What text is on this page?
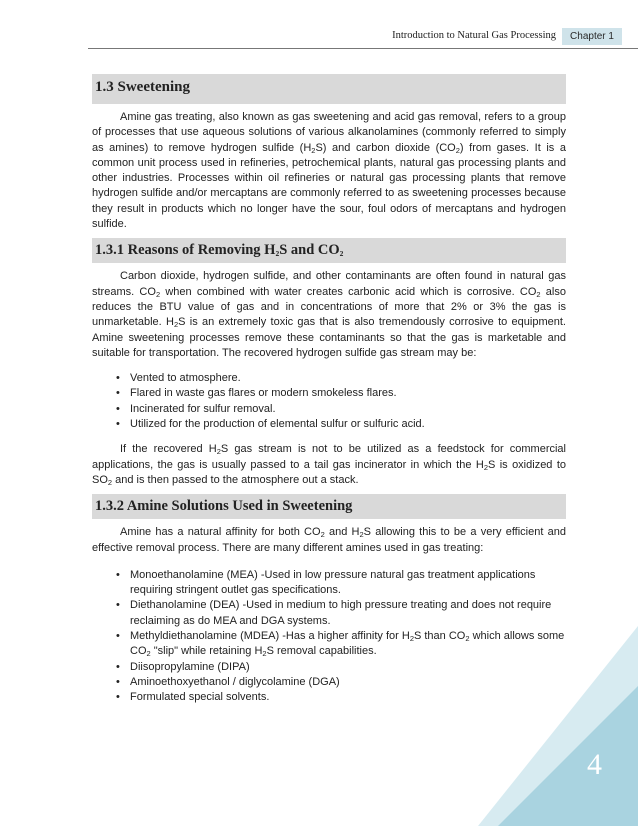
Introduction to Natural Gas Processing	Chapter 1
1.3 Sweetening

Amine gas treating, also known as gas sweetening and acid gas removal, refers to a group of processes that use aqueous solutions of various alkanolamines (commonly referred to simply as amines) to remove hydrogen sulfide $(H_2S)$ and carbon dioxide $(CO_2)$ from gases. It is a common unit process used in refineries, petrochemical plants, natural gas processing plants and other industries. Processes within oil refineries or natural gas processing plants that remove hydrogen sulfide and/or mercaptans are commonly referred to as sweetening processes because they result in products which no longer have the sour, foul odors of mercaptans and hydrogen sulfide.

1.3.1 Reasons of Removing $H_2S$ and $CO_2$

Carbon dioxide, hydrogen sulfide, and other contaminants are often found in natural gas streams. $CO_2$ when combined with water creates carbonic acid which is corrosive. $CO_2$ also reduces the BTU value of gas and in concentrations of more that 2% or 3% the gas is unmarketable. $H_2S$ is an extremely toxic gas that is also tremendously corrosive to equipment. Amine sweetening processes remove these contaminants so that the gas is marketable and suitable for transportation. The recovered hydrogen sulfide gas stream may be:

• Vented to atmosphere.
• Flared in waste gas flares or modern smokeless flares.
• Incinerated for sulfur removal.
• Utilized for the production of elemental sulfur or sulfuric acid.

If the recovered $H_2S$ gas stream is not to be utilized as a feedstock for commercial applications, the gas is usually passed to a tail gas incinerator in which the $H_2S$ is oxidized to $SO_2$ and is then passed to the atmosphere out a stack.

1.3.2 Amine Solutions Used in Sweetening

Amine has a natural affinity for both $CO_2$ and $H_2S$ allowing this to be a very efficient and effective removal process. There are many different amines used in gas treating:

• Monoethanolamine (MEA) -Used in low pressure natural gas treatment applications requiring stringent outlet gas specifications.
• Diethanolamine (DEA) -Used in medium to high pressure treating and does not require reclaiming as do MEA and DGA systems.
• Methyldiethanolamine (MDEA) -Has a higher affinity for $H_2S$ than $CO_2$ which allows some $CO_2$ "slip" while retaining $H_2S$ removal capabilities.
• Diisopropylamine (DIPA)
• Aminoethoxyethanol / diglycolamine (DGA)
• Formulated special solvents.
4
